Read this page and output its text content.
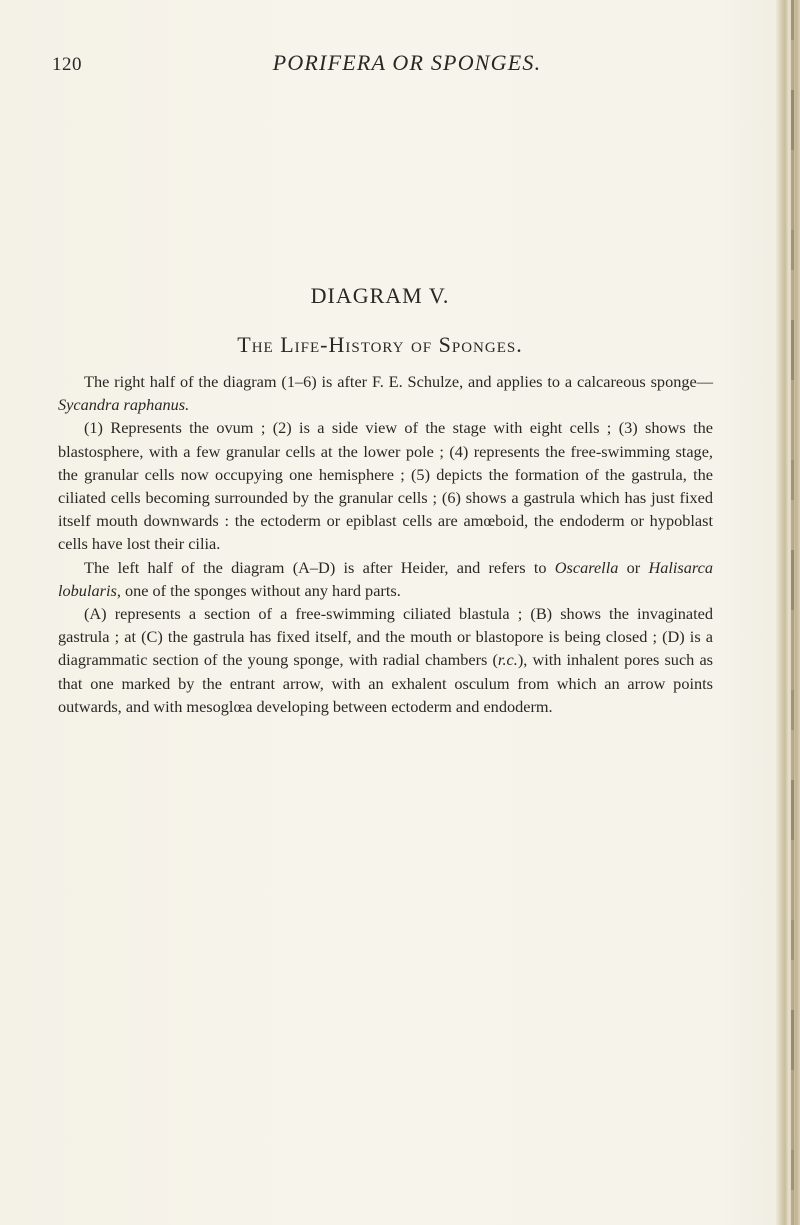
120	PORIFERA OR SPONGES.
DIAGRAM V.
The Life-History of Sponges.

The right half of the diagram (1–6) is after F. E. Schulze, and applies to a calcareous sponge—Sycandra raphanus.

(1) Represents the ovum ; (2) is a side view of the stage with eight cells ; (3) shows the blastosphere, with a few granular cells at the lower pole ; (4) represents the free-swimming stage, the granular cells now occupying one hemisphere ; (5) depicts the formation of the gastrula, the ciliated cells becoming surrounded by the granular cells ; (6) shows a gastrula which has just fixed itself mouth downwards : the ectoderm or epiblast cells are amœboid, the endoderm or hypoblast cells have lost their cilia.

The left half of the diagram (A–D) is after Heider, and refers to Oscarella or Halisarca lobularis, one of the sponges without any hard parts.

(A) represents a section of a free-swimming ciliated blastula ; (B) shows the invaginated gastrula ; at (C) the gastrula has fixed itself, and the mouth or blastopore is being closed ; (D) is a diagrammatic section of the young sponge, with radial chambers (r.c.), with inhalent pores such as that one marked by the entrant arrow, with an exhalent osculum from which an arrow points outwards, and with mesoglœa developing between ectoderm and endoderm.
